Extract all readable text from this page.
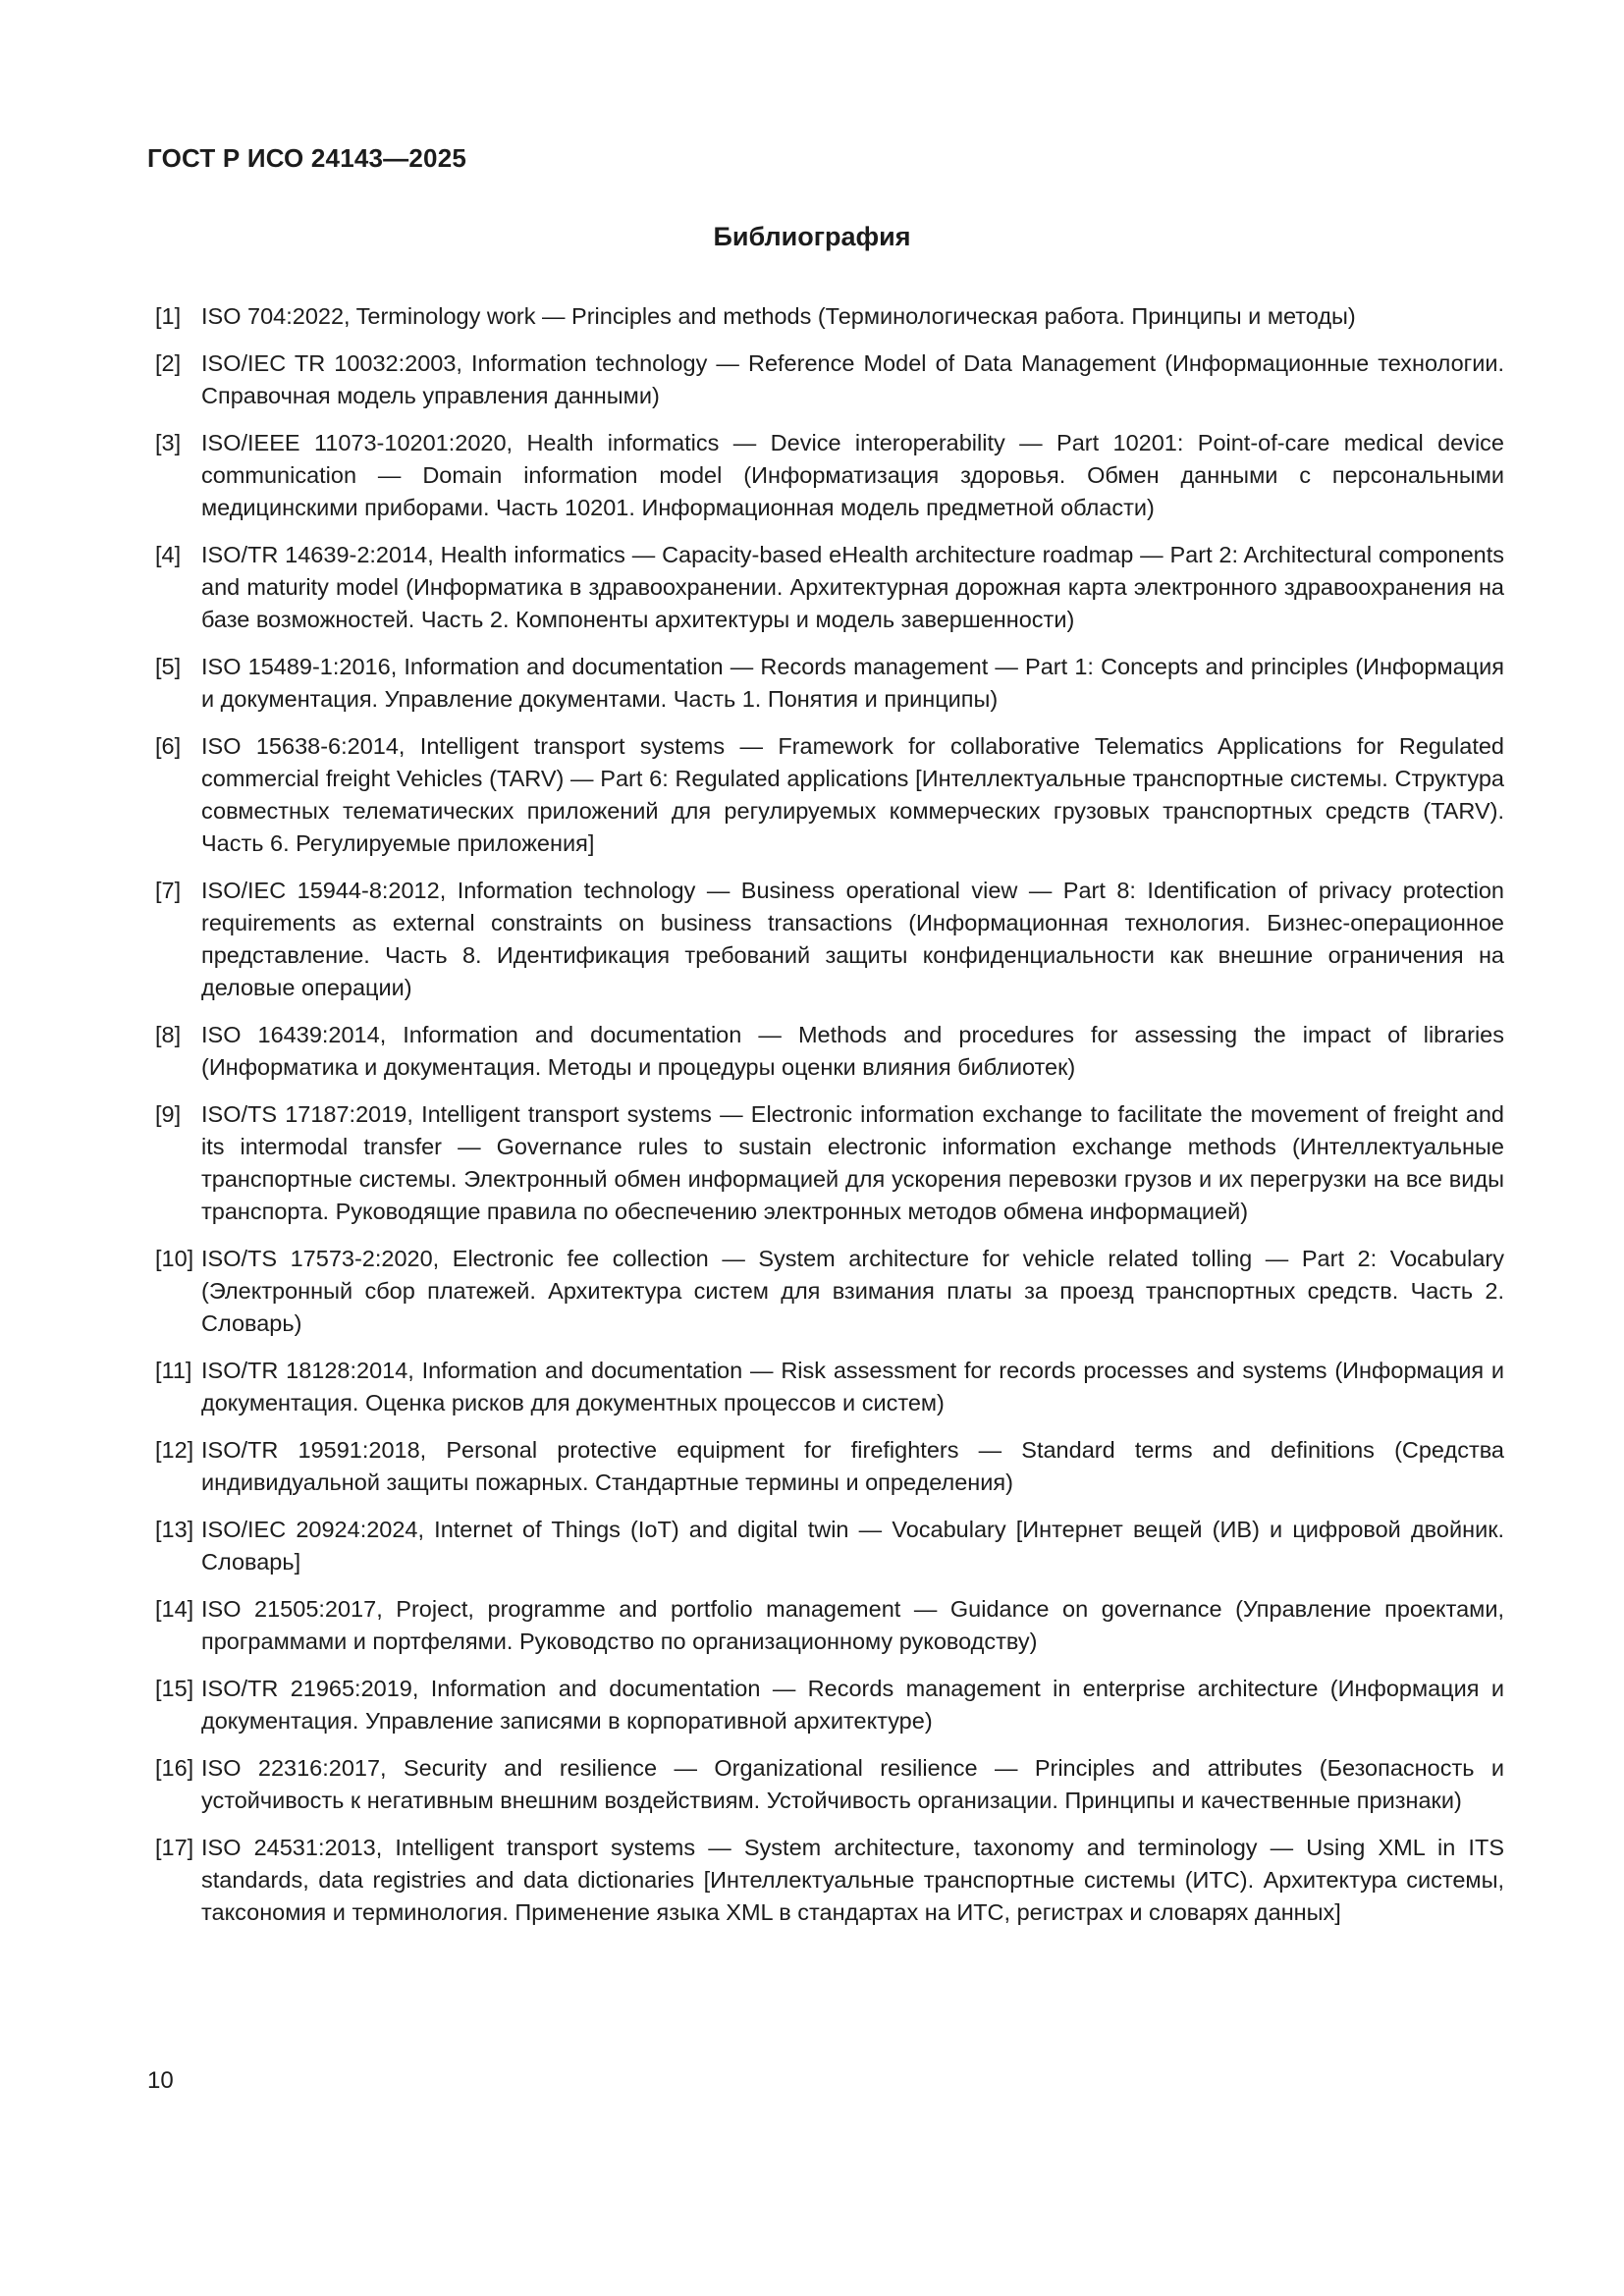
ГОСТ Р ИСО 24143—2025
Библиография
[1] ISO 704:2022, Terminology work — Principles and methods (Терминологическая работа. Принципы и методы)

[2] ISO/IEC TR 10032:2003, Information technology — Reference Model of Data Management (Информационные технологии. Справочная модель управления данными)

[3] ISO/IEEE 11073-10201:2020, Health informatics — Device interoperability — Part 10201: Point-of-care medical device communication — Domain information model (Информатизация здоровья. Обмен данными с персональными медицинскими приборами. Часть 10201. Информационная модель предметной области)

[4] ISO/TR 14639-2:2014, Health informatics — Capacity-based eHealth architecture roadmap — Part 2: Architectural components and maturity model (Информатика в здравоохранении. Архитектурная дорожная карта электронного здравоохранения на базе возможностей. Часть 2. Компоненты архитектуры и модель завершенности)

[5] ISO 15489-1:2016, Information and documentation — Records management — Part 1: Concepts and principles (Информация и документация. Управление документами. Часть 1. Понятия и принципы)

[6] ISO 15638-6:2014, Intelligent transport systems — Framework for collaborative Telematics Applications for Regulated commercial freight Vehicles (TARV) — Part 6: Regulated applications [Интеллектуальные транспортные системы. Структура совместных телематических приложений для регулируемых коммерческих грузовых транспортных средств (TARV). Часть 6. Регулируемые приложения]

[7] ISO/IEC 15944-8:2012, Information technology — Business operational view — Part 8: Identification of privacy protection requirements as external constraints on business transactions (Информационная технология. Бизнес-операционное представление. Часть 8. Идентификация требований защиты конфиденциальности как внешние ограничения на деловые операции)

[8] ISO 16439:2014, Information and documentation — Methods and procedures for assessing the impact of libraries (Информатика и документация. Методы и процедуры оценки влияния библиотек)

[9] ISO/TS 17187:2019, Intelligent transport systems — Electronic information exchange to facilitate the movement of freight and its intermodal transfer — Governance rules to sustain electronic information exchange methods (Интеллектуальные транспортные системы. Электронный обмен информацией для ускорения перевозки грузов и их перегрузки на все виды транспорта. Руководящие правила по обеспечению электронных методов обмена информацией)

[10] ISO/TS 17573-2:2020, Electronic fee collection — System architecture for vehicle related tolling — Part 2: Vocabulary (Электронный сбор платежей. Архитектура систем для взимания платы за проезд транспортных средств. Часть 2. Словарь)

[11] ISO/TR 18128:2014, Information and documentation — Risk assessment for records processes and systems (Информация и документация. Оценка рисков для документных процессов и систем)

[12] ISO/TR 19591:2018, Personal protective equipment for firefighters — Standard terms and definitions (Средства индивидуальной защиты пожарных. Стандартные термины и определения)

[13] ISO/IEC 20924:2024, Internet of Things (IoT) and digital twin — Vocabulary [Интернет вещей (ИВ) и цифровой двойник. Словарь]

[14] ISO 21505:2017, Project, programme and portfolio management — Guidance on governance (Управление проектами, программами и портфелями. Руководство по организационному руководству)

[15] ISO/TR 21965:2019, Information and documentation — Records management in enterprise architecture (Информация и документация. Управление записями в корпоративной архитектуре)

[16] ISO 22316:2017, Security and resilience — Organizational resilience — Principles and attributes (Безопасность и устойчивость к негативным внешним воздействиям. Устойчивость организации. Принципы и качественные признаки)

[17] ISO 24531:2013, Intelligent transport systems — System architecture, taxonomy and terminology — Using XML in ITS standards, data registries and data dictionaries [Интеллектуальные транспортные системы (ИТС). Архитектура системы, таксономия и терминология. Применение языка XML в стандартах на ИТС, регистрах и словарях данных]

10
